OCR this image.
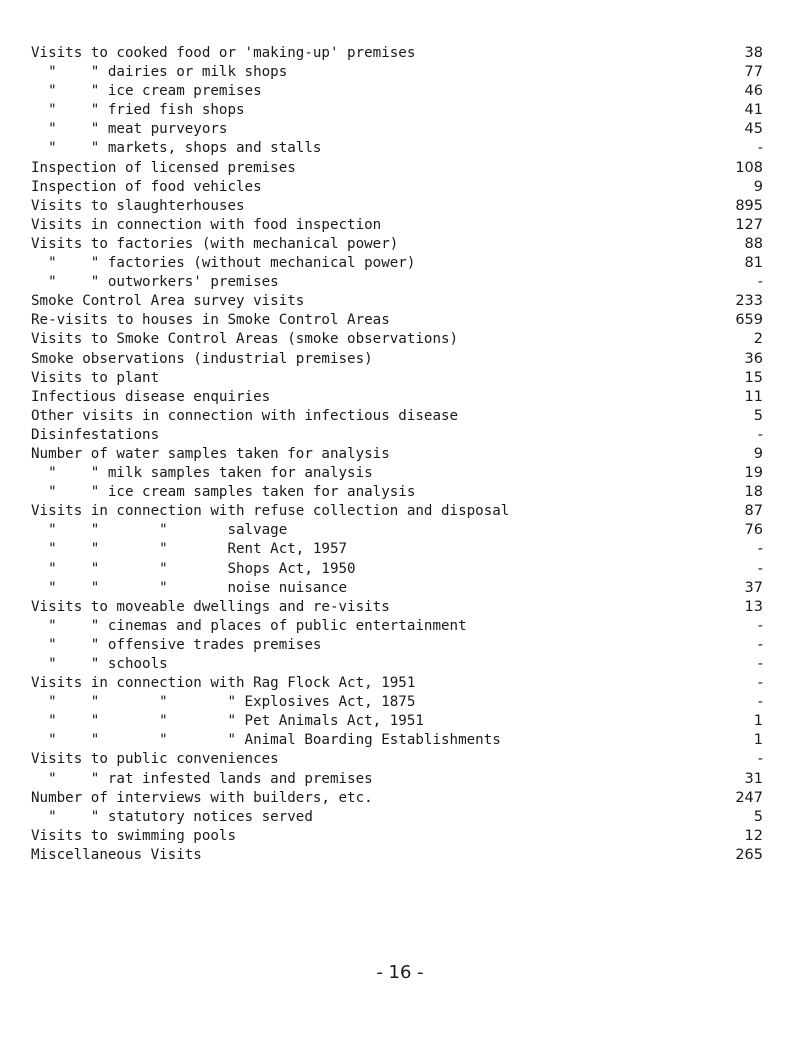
Visits to cooked food or 'making-up' premises	38
"    " dairies or milk shops	77
"    " ice cream premises	46
"    " fried fish shops	41
"    " meat purveyors	45
"    " markets, shops and stalls	-
Inspection of licensed premises	108
Inspection of food vehicles	9
Visits to slaughterhouses	895
Visits in connection with food inspection	127
Visits to factories (with mechanical power)	88
"    " factories (without mechanical power)	81
"    " outworkers' premises	-
Smoke Control Area survey visits	233
Re-visits to houses in Smoke Control Areas	659
Visits to Smoke Control Areas (smoke observations)	2
Smoke observations (industrial premises)	36
Visits to plant	15
Infectious disease enquiries	11
Other visits in connection with infectious disease	5
Disinfestations	-
Number of water samples taken for analysis	9
"    " milk samples taken for analysis	19
"    " ice cream samples taken for analysis	18
Visits in connection with refuse collection and disposal	87
"    "       "       salvage	76
"    "       "       Rent Act, 1957	-
"    "       "       Shops Act, 1950	-
"    "       "       noise nuisance	37
Visits to moveable dwellings and re-visits	13
"    " cinemas and places of public entertainment	-
"    " offensive trades premises	-
"    " schools	-
Visits in connection with Rag Flock Act, 1951	-
"    "       "       " Explosives Act, 1875	-
"    "       "       " Pet Animals Act, 1951	1
"    "       "       " Animal Boarding Establishments	1
Visits to public conveniences	-
"    " rat infested lands and premises	31
Number of interviews with builders, etc.	247
"    " statutory notices served	5
Visits to swimming pools	12
Miscellaneous Visits	265
- 16 -
